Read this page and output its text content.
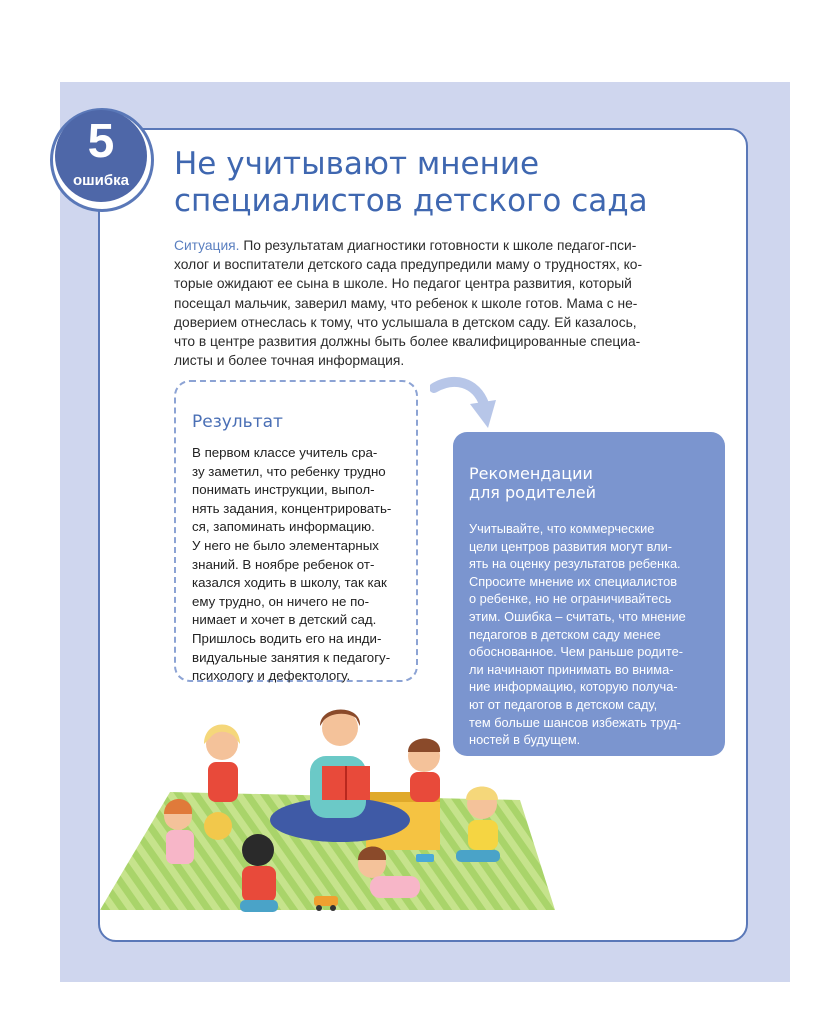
5
ошибка	Не учитывают мнение
специалистов детского сада
Ситуация. По результатам диагностики готовности к школе педагог-пси-
холог и воспитатели детского сада предупредили маму о трудностях, ко-
торые ожидают ее сына в школе. Но педагог центра развития, который
посещал мальчик, заверил маму, что ребенок к школе готов. Мама с не-
доверием отнеслась к тому, что услышала в детском саду. Ей казалось,
что в центре развития должны быть более квалифицированные специа-
листы и более точная информация.
Результат
В первом классе учитель сра-
зу заметил, что ребенку трудно
понимать инструкции, выпол-
нять задания, концентрировать-
ся, запоминать информацию.
У него не было элементарных
знаний. В ноябре ребенок от-
казался ходить в школу, так как
ему трудно, он ничего не по-
нимает и хочет в детский сад.
Пришлось водить его на инди-
видуальные занятия к педагогу-
психологу и дефектологу.
Рекомендации
для родителей
Учитывайте, что коммерческие
цели центров развития могут вли-
ять на оценку результатов ребенка.
Спросите мнение их специалистов
о ребенке, но не ограничивайтесь
этим. Ошибка – считать, что мнение
педагогов в детском саду менее
обоснованное. Чем раньше родите-
ли начинают принимать во внима-
ние информацию, которую получа-
ют от педагогов в детском саду,
тем больше шансов избежать труд-
ностей в будущем.
